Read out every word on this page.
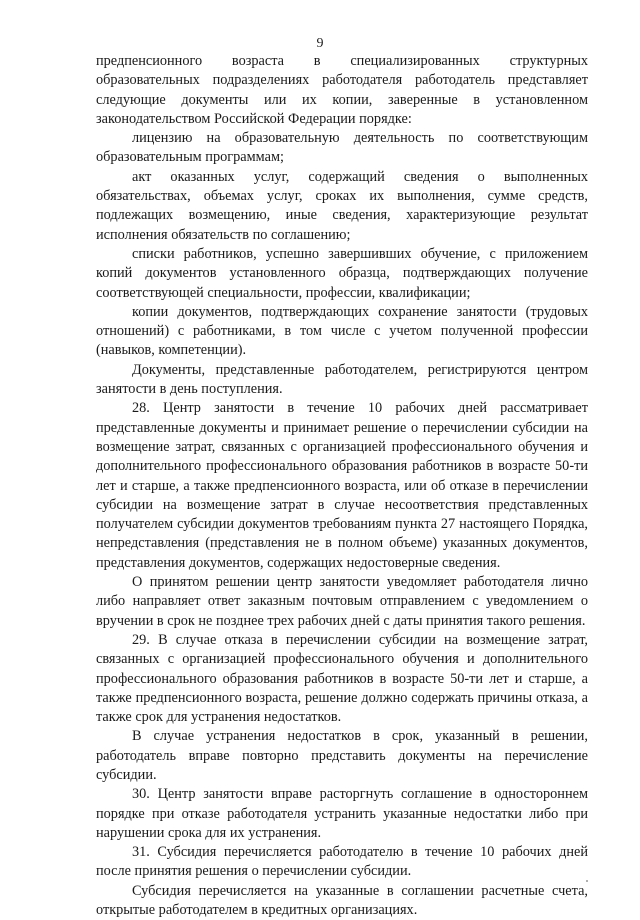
9

предпенсионного возраста в специализированных структурных образовательных подразделениях работодателя работодатель представляет следующие документы или их копии, заверенные в установленном законодательством Российской Федерации порядке:

лицензию на образовательную деятельность по соответствующим образовательным программам;

акт оказанных услуг, содержащий сведения о выполненных обязательствах, объемах услуг, сроках их выполнения, сумме средств, подлежащих возмещению, иные сведения, характеризующие результат исполнения обязательств по соглашению;

списки работников, успешно завершивших обучение, с приложением копий документов установленного образца, подтверждающих получение соответствующей специальности, профессии, квалификации;

копии документов, подтверждающих сохранение занятости (трудовых отношений) с работниками, в том числе с учетом полученной профессии (навыков, компетенции).

Документы, представленные работодателем, регистрируются центром занятости в день поступления.

28. Центр занятости в течение 10 рабочих дней рассматривает представленные документы и принимает решение о перечислении субсидии на возмещение затрат, связанных с организацией профессионального обучения и дополнительного профессионального образования работников в возрасте 50-ти лет и старше, а также предпенсионного возраста, или об отказе в перечислении субсидии на возмещение затрат в случае несоответствия представленных получателем субсидии документов требованиям пункта 27 настоящего Порядка, непредставления (представления не в полном объеме) указанных документов, представления документов, содержащих недостоверные сведения.

О принятом решении центр занятости уведомляет работодателя лично либо направляет ответ заказным почтовым отправлением с уведомлением о вручении в срок не позднее трех рабочих дней с даты принятия такого решения.

29. В случае отказа в перечислении субсидии на возмещение затрат, связанных с организацией профессионального обучения и дополнительного профессионального образования работников в возрасте 50-ти лет и старше, а также предпенсионного возраста, решение должно содержать причины отказа, а также срок для устранения недостатков.

В случае устранения недостатков в срок, указанный в решении, работодатель вправе повторно представить документы на перечисление субсидии.

30. Центр занятости вправе расторгнуть соглашение в одностороннем порядке при отказе работодателя устранить указанные недостатки либо при нарушении срока для их устранения.

31. Субсидия перечисляется работодателю в течение 10 рабочих дней после принятия решения о перечислении субсидии.

Субсидия перечисляется на указанные в соглашении расчетные счета, открытые работодателем в кредитных организациях.
